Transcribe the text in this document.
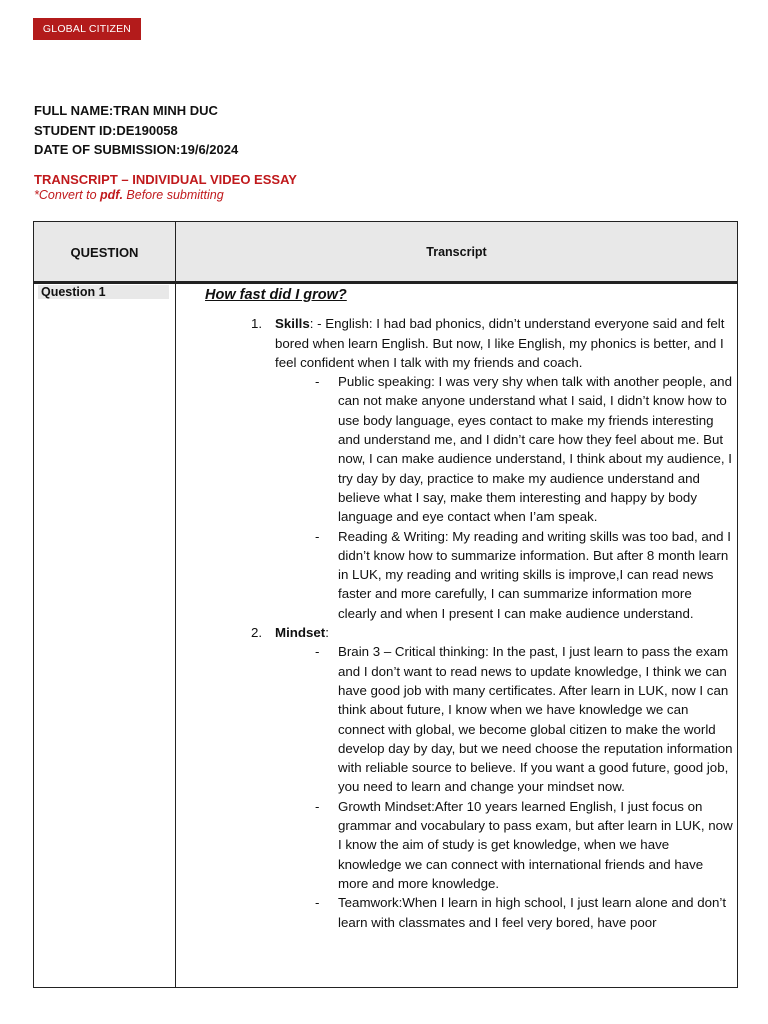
GLOBAL CITIZEN
FULL NAME:TRAN MINH DUC
STUDENT ID:DE190058
DATE OF SUBMISSION:19/6/2024
TRANSCRIPT – INDIVIDUAL VIDEO ESSAY
*Convert to pdf. Before submitting
QUESTION	Transcript
Question 1	How fast did I grow?
1. Skills: - English: I had bad phonics, didn’t understand everyone said and felt bored when learn English. But now, I like English, my phonics is better, and I feel confident when I talk with my friends and coach.
- Public speaking: I was very shy when talk with another people, and can not make anyone understand what I said, I didn’t know how to use body language, eyes contact to make my friends interesting and understand me, and I didn’t care how they feel about me. But now, I can make audience understand, I think about my audience, I try day by day, practice to make my audience understand and believe what I say, make them interesting and happy by body language and eye contact when I’am speak.
- Reading & Writing: My reading and writing skills was too bad, and I didn’t know how to summarize information. But after 8 month learn in LUK, my reading and writing skills is improve,I can read news faster and more carefully, I can summarize information more clearly and when I present I can make audience understand.
2. Mindset:
- Brain 3 – Critical thinking: In the past, I just learn to pass the exam and I don’t want to read news to update knowledge, I think we can have good job with many certificates. After learn in LUK, now I can think about future, I know when we have knowledge we can connect with global, we become global citizen to make the world develop day by day, but we need choose the reputation information with reliable source to believe. If you want a good future, good job, you need to learn and change your mindset now.
- Growth Mindset:After 10 years learned English, I just focus on grammar and vocabulary to pass exam, but after learn in LUK, now I know the aim of study is get knowledge, when we have knowledge we can connect with international friends and have more and more knowledge.
- Teamwork:When I learn in high school, I just learn alone and don’t learn with classmates and I feel very bored, have poor
